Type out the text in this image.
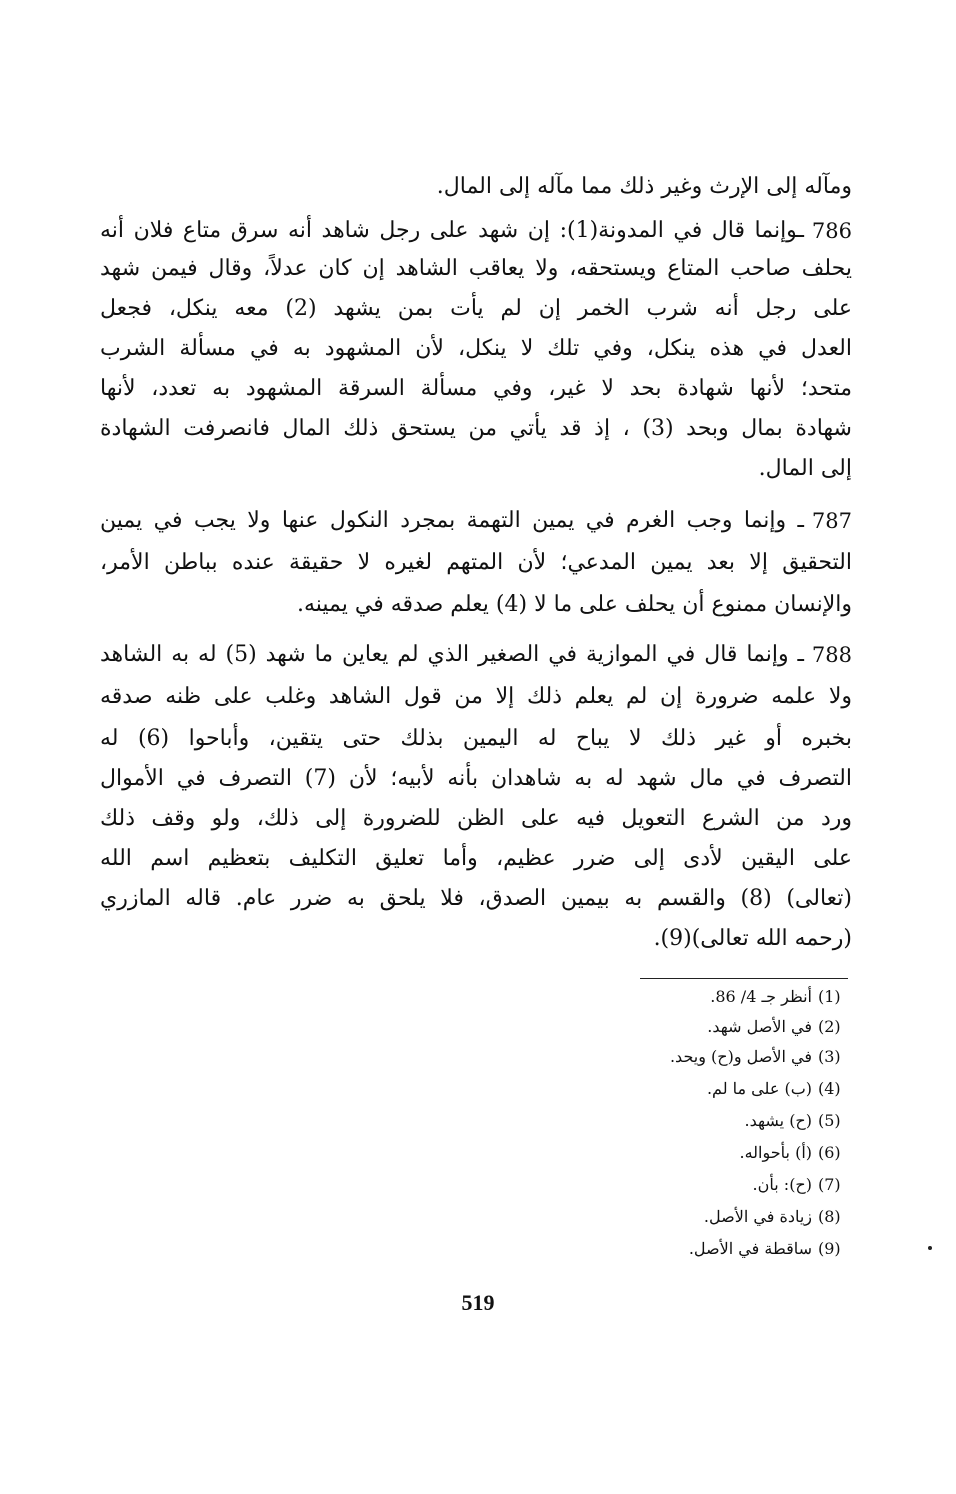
ومآله إلى الإرث وغير ذلك مما مآله إلى المال.
786
ـوإنما قال في المدونة(1): إن شهد على رجل شاهد أنه سرق متاع فلان أنه
يحلف صاحب المتاع ويستحقه، ولا يعاقب الشاهد إن كان عدلاً، وقال فيمن شهد
على رجل أنه شرب الخمر إن لم يأت بمن يشهد (2) معه ينكل، فجعل
العدل في هذه ينكل، وفي تلك لا ينكل، لأن المشهود به في مسألة الشرب
متحد؛ لأنها شهادة بحد لا غير، وفي مسألة السرقة المشهود به تعدد، لأنها
شهادة بمال وبحد (3) ، إذ قد يأتي من يستحق ذلك المال فانصرفت الشهادة
إلى المال.
787
ـ وإنما وجب الغرم في يمين التهمة بمجرد النكول عنها ولا يجب في يمين
التحقيق إلا بعد يمين المدعي؛ لأن المتهم لغيره لا حقيقة عنده بباطن الأمر،
والإنسان ممنوع أن يحلف على ما لا (4) يعلم صدقه في يمينه.
788
ـ وإنما قال في الموازية في الصغير الذي لم يعاين ما شهد (5) له به الشاهد
ولا علمه ضرورة إن لم يعلم ذلك إلا من قول الشاهد وغلب على ظنه صدقه
بخبره أو غير ذلك لا يباح له اليمين بذلك حتى يتقين، وأباحوا (6) له
التصرف في مال شهد له به شاهدان بأنه لأبيه؛ لأن (7) التصرف في الأموال
ورد من الشرع التعويل فيه على الظن للضرورة إلى ذلك، ولو وقف ذلك
على اليقين لأدى إلى ضرر عظيم، وأما تعليق التكليف بتعظيم اسم الله
(تعالى) (8) والقسم به بيمين الصدق، فلا يلحق به ضرر عام. قاله المازري
(رحمه الله تعالى)(9).
(1)أنظر جـ 4/ 86.
(2)في الأصل شهد.
(3)في الأصل و(ح) ويحد.
(4)(ب) على ما لم.
(5)(ح) يشهد.
(6)(أ) بأحواله.
(7)(ح): بأن.
(8)زيادة في الأصل.
(9)ساقطة في الأصل.
519
